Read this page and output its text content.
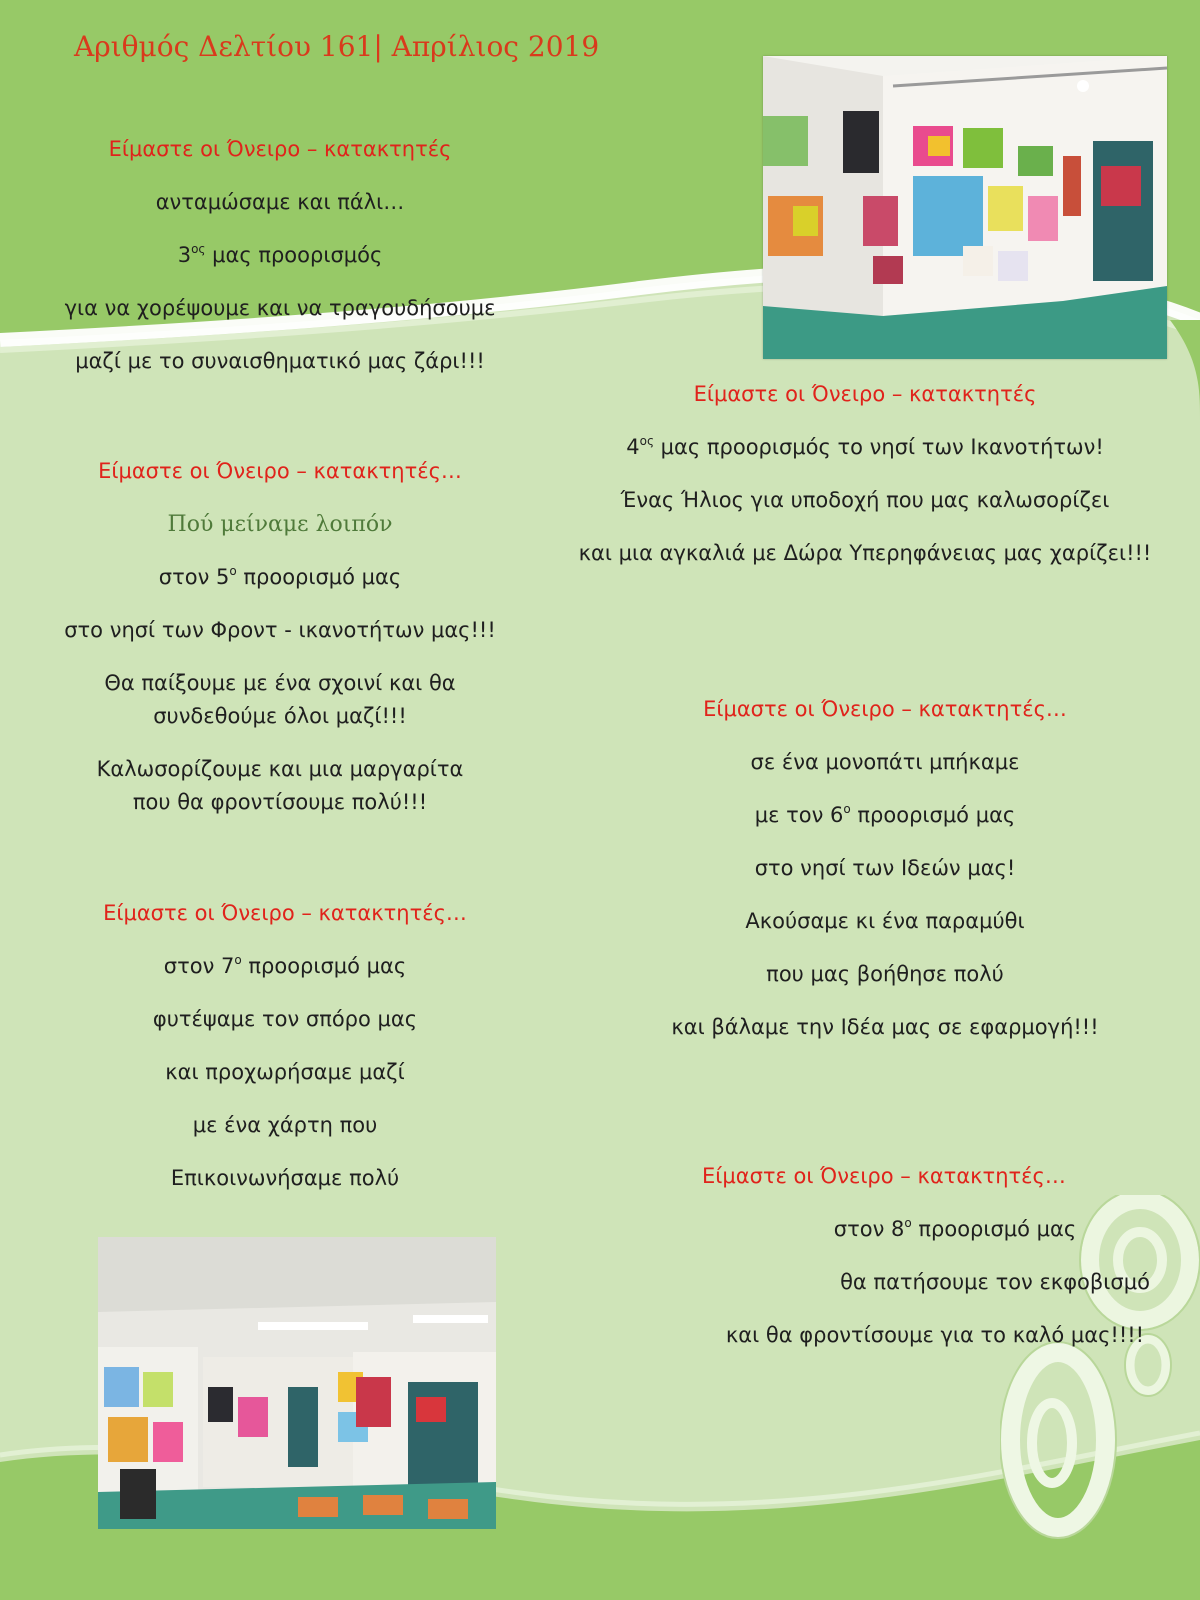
Αριθμός Δελτίου 161| Απρίλιος 2019

Είμαστε οι Όνειρο – κατακτητές

ανταμώσαμε και πάλι…

$3^{o\varsigma}$ μας προορισμός

για να χορέψουμε και να τραγουδήσουμε

μαζί με το συναισθηματικό μας ζάρι!!!

Είμαστε οι Όνειρο – κατακτητές…

Πού μείναμε λοιπόν

στον $5^o$ προορισμό μας

στο νησί των Φροντ - ικανοτήτων μας!!!

Θα παίξουμε με ένα σχοινί και θα συνδεθούμε όλοι μαζί!!!

Καλωσορίζουμε και μια μαργαρίτα που θα φροντίσουμε πολύ!!!

Είμαστε οι Όνειρο – κατακτητές…

στον $7^o$ προορισμό μας

φυτέψαμε τον σπόρο μας

και προχωρήσαμε μαζί

με ένα χάρτη που

Επικοινωνήσαμε πολύ

Είμαστε οι Όνειρο – κατακτητές

$4^{o\varsigma}$ μας προορισμός το νησί των Ικανοτήτων!

Ένας Ήλιος για υποδοχή που μας καλωσορίζει

και μια αγκαλιά με Δώρα Υπερηφάνειας μας χαρίζει!!!

Είμαστε οι Όνειρο – κατακτητές…

σε ένα μονοπάτι μπήκαμε

με τον $6^o$ προορισμό μας

στο νησί των Ιδεών μας!

Ακούσαμε κι ένα παραμύθι

που μας βοήθησε πολύ

και βάλαμε την Ιδέα μας σε εφαρμογή!!!

Είμαστε οι Όνειρο – κατακτητές…

στον $8^o$ προορισμό μας

θα πατήσουμε τον εκφοβισμό

και θα φροντίσουμε για το καλό μας!!!!
